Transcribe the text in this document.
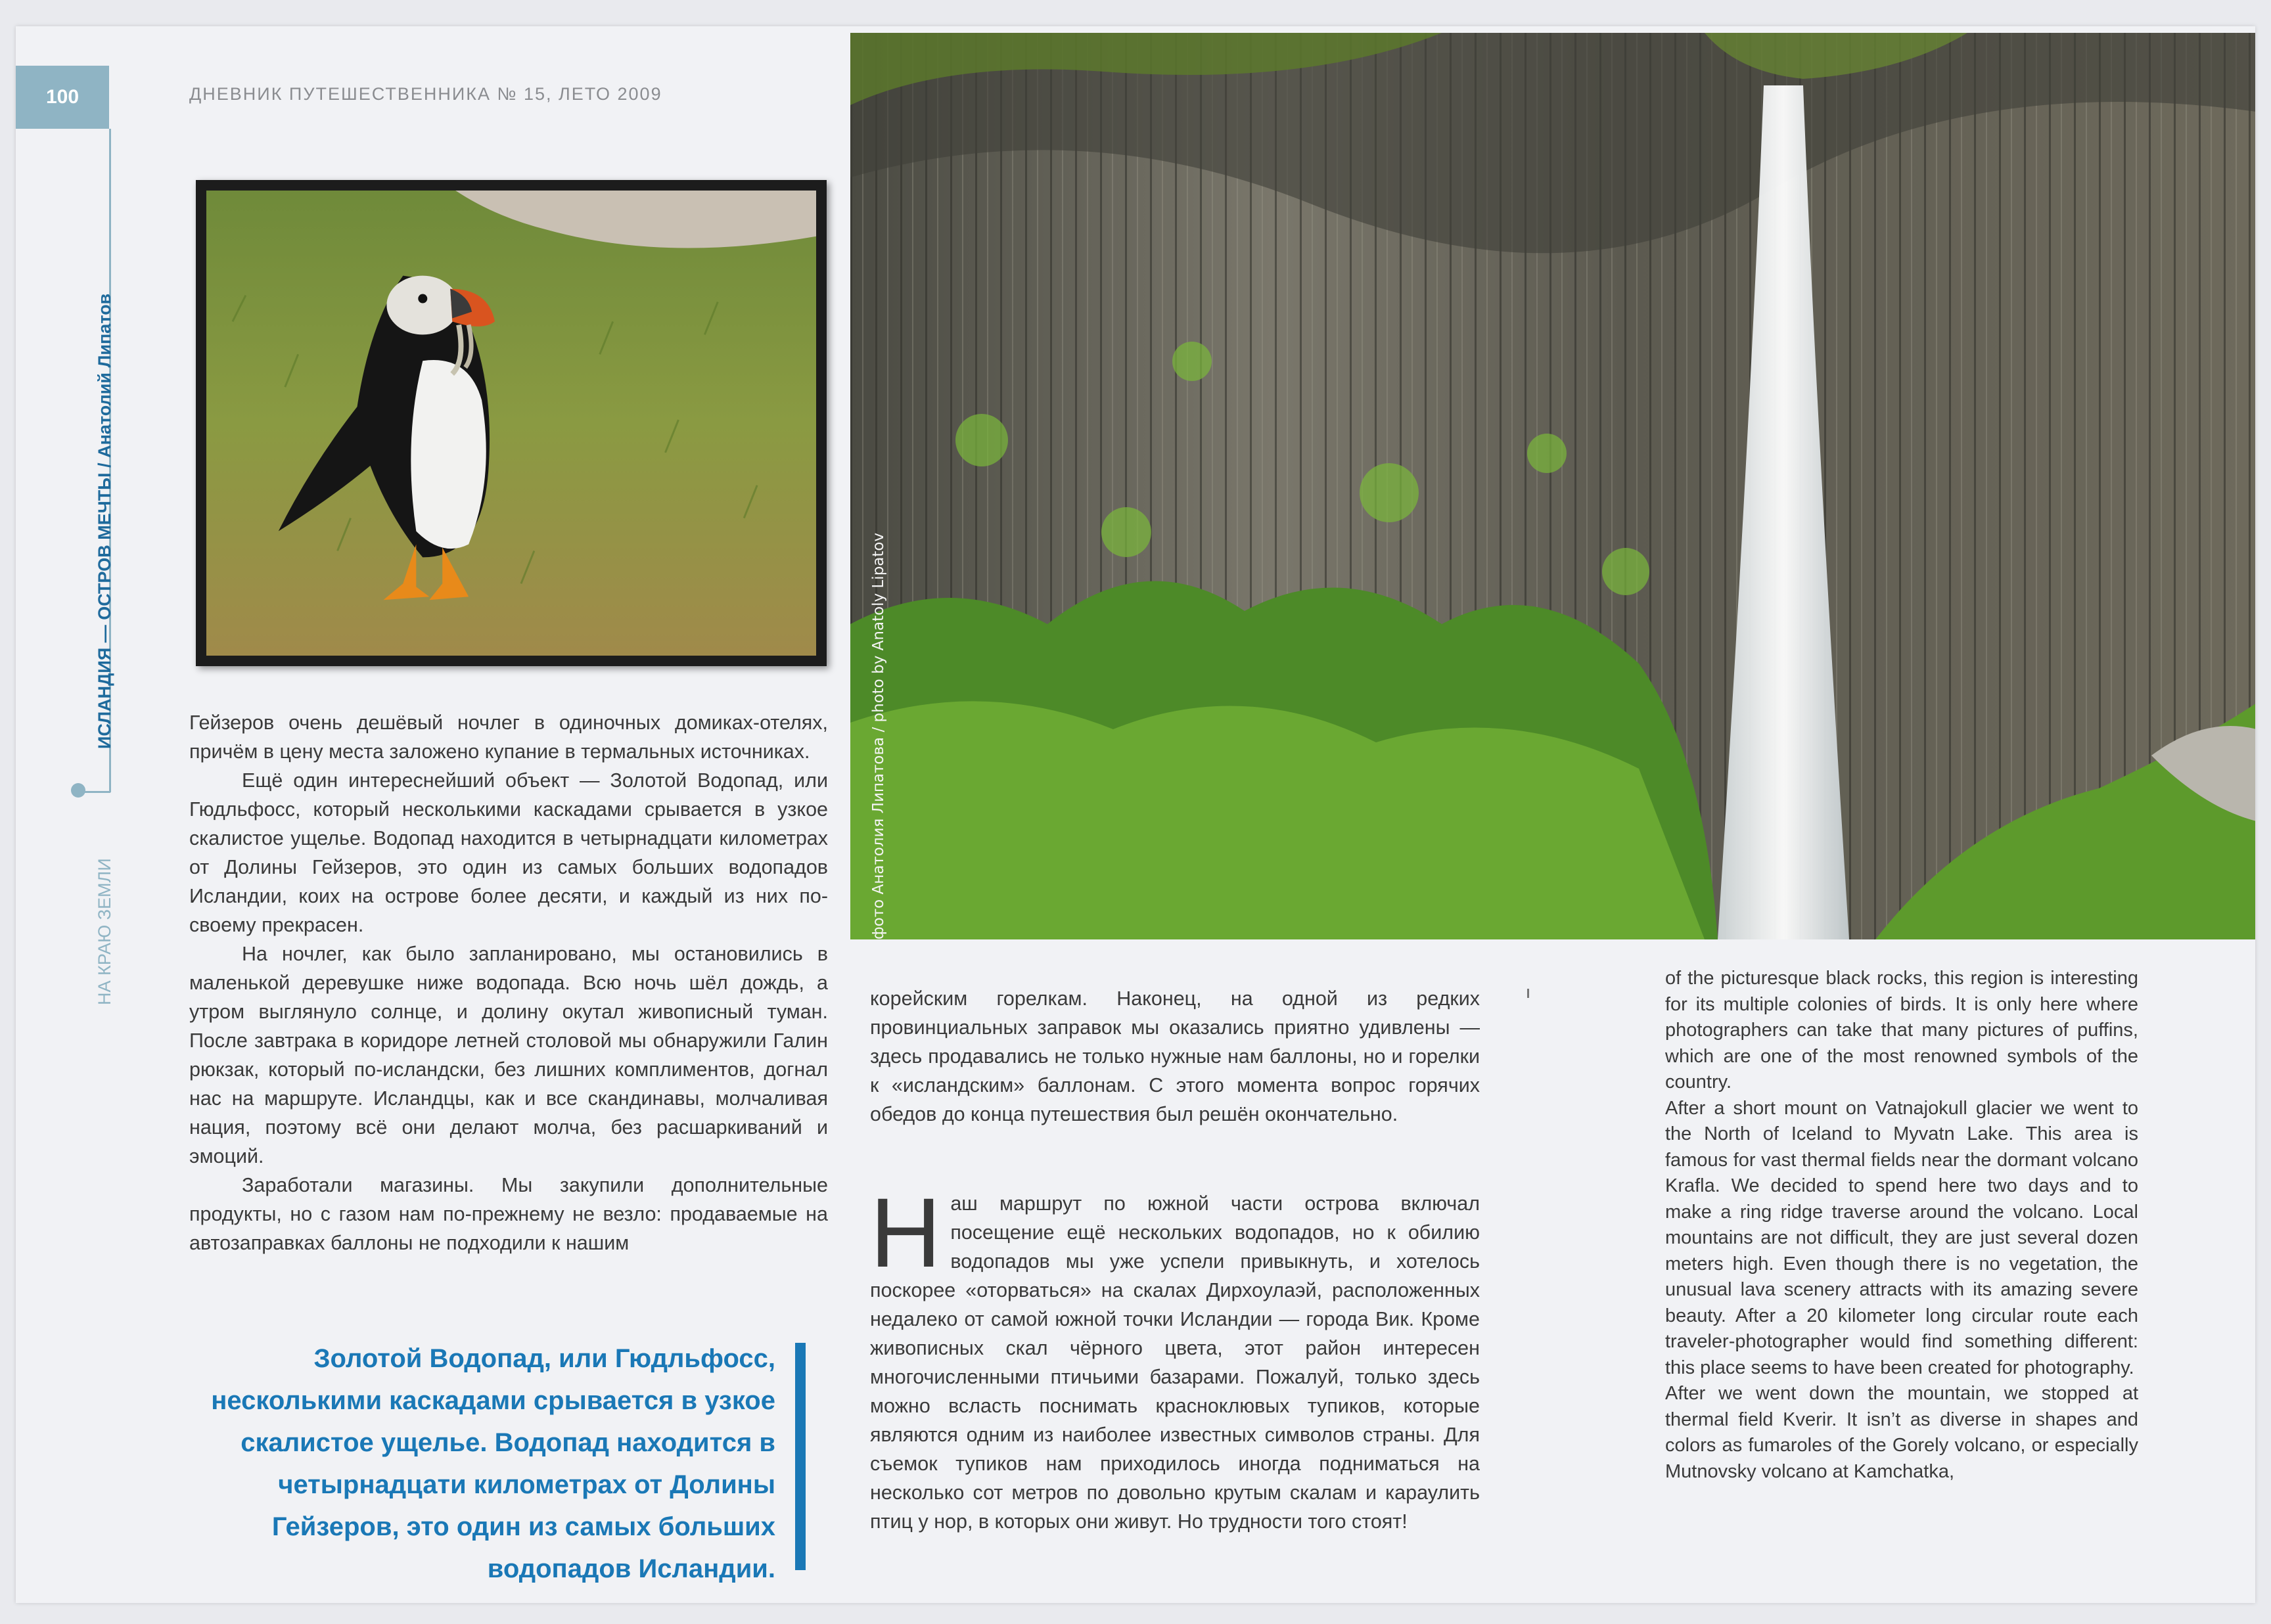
100	ДНЕВНИК ПУТЕШЕСТВЕННИКА № 15, ЛЕТО 2009
ИСЛАНДИЯ — ОСТРОВ МЕЧТЫ / Анатолий Липатов
НА КРАЮ ЗЕМЛИ	фото Анатолия Липатова / photo by Anatoly Lipatov

Гейзеров очень дешёвый ночлег в одиночных домиках-отелях, причём в цену места заложено купание в термальных источниках.

Ещё один интереснейший объект — Золотой Водопад, или Гюдльфосс, который несколькими каскадами срывается в узкое скалистое ущелье. Водопад находится в четырнадцати километрах от Долины Гейзеров, это один из самых больших водопадов Исландии, коих на острове более десяти, и каждый из них по-своему прекрасен.

На ночлег, как было запланировано, мы остановились в маленькой деревушке ниже водопада. Всю ночь шёл дождь, а утром выглянуло солнце, и долину окутал живописный туман. После завтрака в коридоре летней столовой мы обнаружили Галин рюкзак, который по-исландски, без лишних комплиментов, догнал нас на маршруте. Исландцы, как и все скандинавы, молчаливая нация, поэтому всё они делают молча, без расшаркиваний и эмоций.

Заработали магазины. Мы закупили дополнительные продукты, но с газом нам по-прежнему не везло: продаваемые на автозаправках баллоны не подходили к нашим

Золотой Водопад, или Гюдльфосс, несколькими каскадами срывается в узкое скалистое ущелье. Водопад находится в четырнадцати километрах от Долины Гейзеров, это один из самых больших водопадов Исландии.

корейским горелкам. Наконец, на одной из редких провинциальных заправок мы оказались приятно удивлены — здесь продавались не только нужные нам баллоны, но и горелки к «исландским» баллонам. С этого момента вопрос горячих обедов до конца путешествия был решён окончательно.

Н аш маршрут по южной части острова включал посещение ещё нескольких водопадов, но к обилию водопадов мы уже успели привыкнуть, и хотелось поскорее «оторваться» на скалах Дирхоулаэй, расположенных недалеко от самой южной точки Исландии — города Вик. Кроме живописных скал чёрного цвета, этот район интересен многочисленными птичьими базарами. Пожалуй, только здесь можно всласть поснимать красноклювых тупиков, которые являются одним из наиболее известных символов страны. Для съемок тупиков нам приходилось иногда подниматься на несколько сот метров по довольно крутым скалам и караулить птиц у нор, в которых они живут. Но трудности того стоят!

of the picturesque black rocks, this region is interesting for its multiple colonies of birds. It is only here where photographers can take that many pictures of puffins, which are one of the most renowned symbols of the country.

After a short mount on Vatnajokull glacier we went to the North of Iceland to Myvatn Lake. This area is famous for vast thermal fields near the dormant volcano Krafla. We decided to spend here two days and to make a ring ridge traverse around the volcano. Local mountains are not difficult, they are just several dozen meters high. Even though there is no vegetation, the unusual lava scenery attracts with its amazing severe beauty. After a 20 kilometer long circular route each traveler-photographer would find something different: this place seems to have been created for photography.

After we went down the mountain, we stopped at thermal field Kverir. It isn’t as diverse in shapes and colors as fumaroles of the Gorely volcano, or especially Mutnovsky volcano at Kamchatka,
